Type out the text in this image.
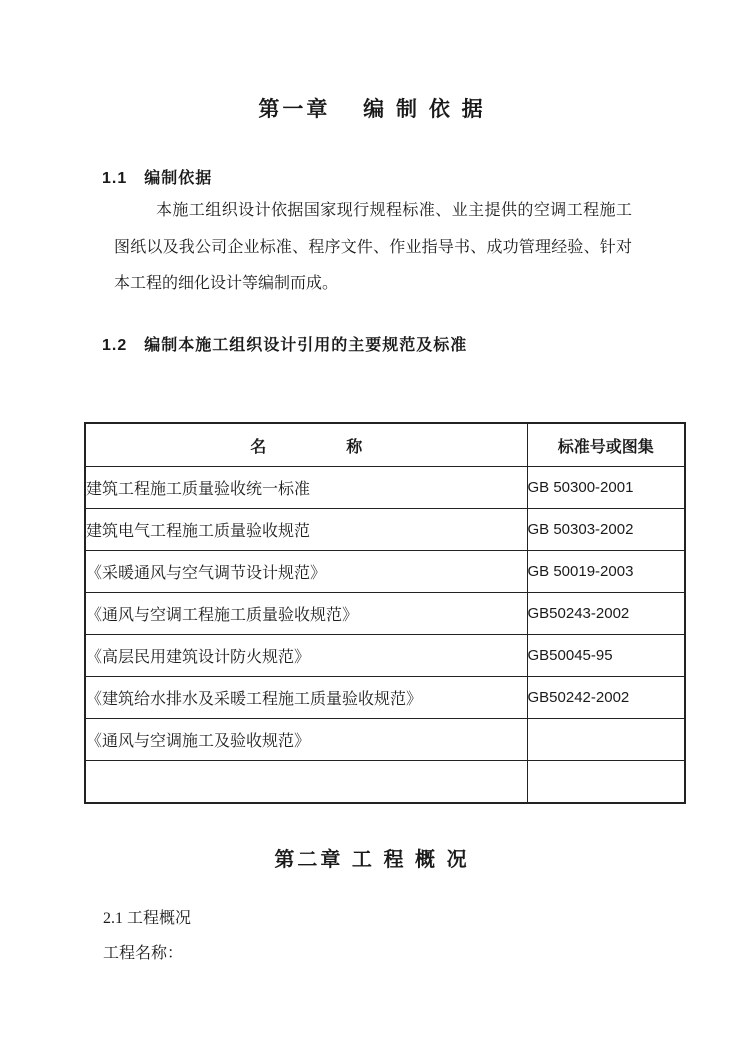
第一章　 编 制 依 据
1.1　编制依据
本施工组织设计依据国家现行规程标准、业主提供的空调工程施工图纸以及我公司企业标准、程序文件、作业指导书、成功管理经验、针对本工程的细化设计等编制而成。
1.2　编制本施工组织设计引用的主要规范及标准
名　　　　　称	标准号或图集
建筑工程施工质量验收统一标准	GB 50300-2001
建筑电气工程施工质量验收规范	GB 50303-2002
《采暖通风与空气调节设计规范》	GB 50019-2003
《通风与空调工程施工质量验收规范》	GB50243-2002
《高层民用建筑设计防火规范》	GB50045-95
《建筑给水排水及采暖工程施工质量验收规范》	GB50242-2002
《通风与空调施工及验收规范》	

第二章 工 程 概 况
2.1 工程概况
工程名称：
